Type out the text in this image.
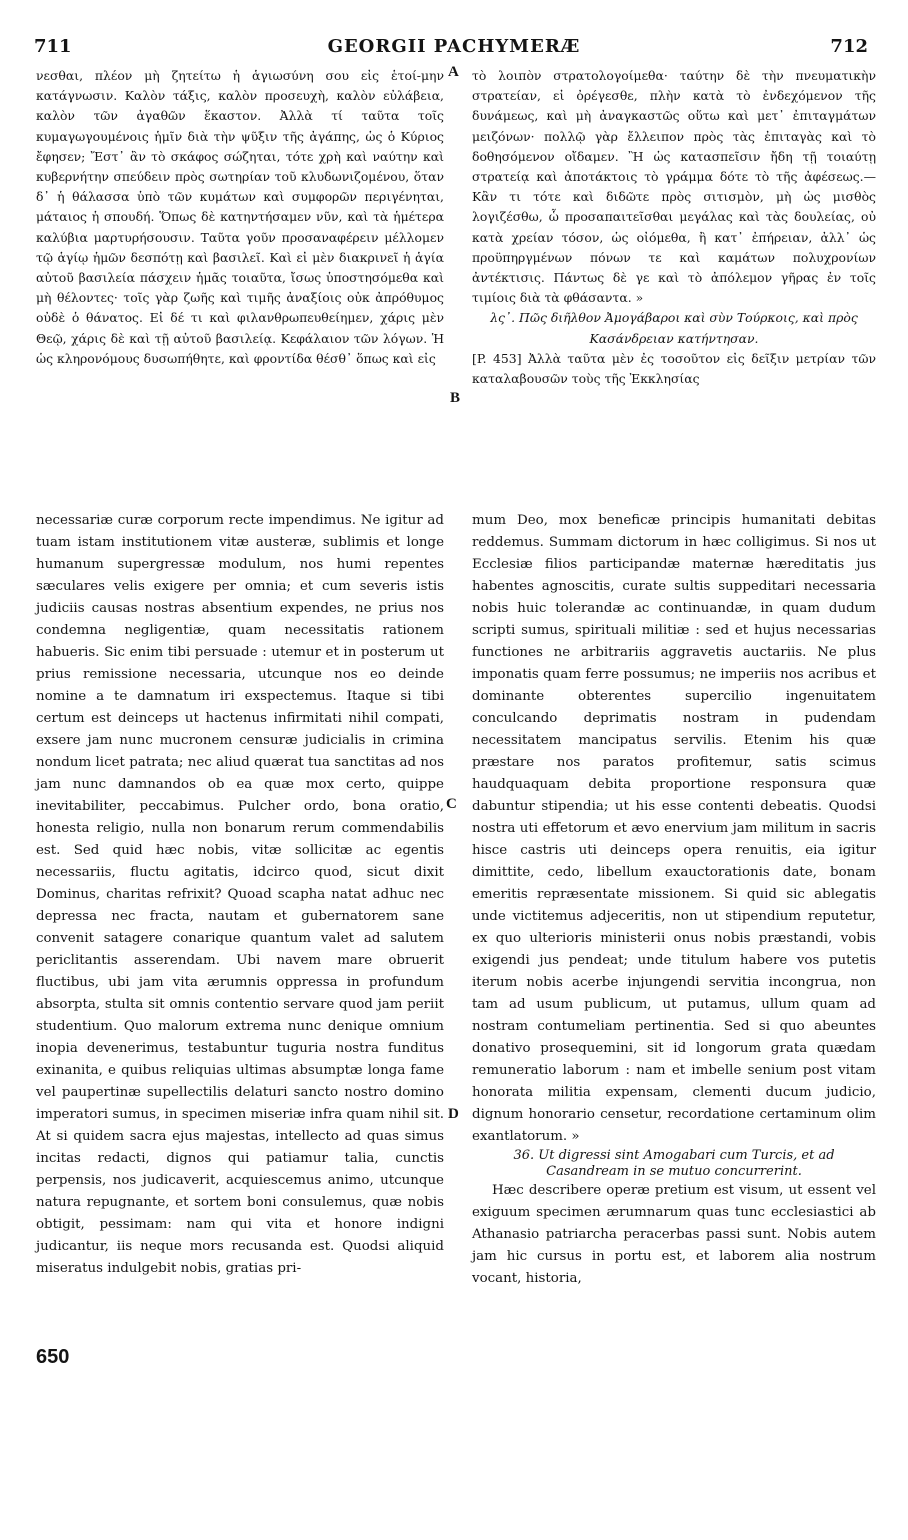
711	GEORGII PACHYMERÆ	712

νεσθαι, πλέον μὴ ζητείτω ἡ ἁγιωσύνη σου εἰς ἑτοί-μην κατάγνωσιν. Καλὸν τάξις, καλὸν προσευχὴ, καλὸν εὐλάβεια, καλὸν τῶν ἀγαθῶν ἕκαστον. Ἀλλὰ τί ταῦτα τοῖς κυμαγωγουμένοις ἡμῖν διὰ τὴν ψῦξιν τῆς ἀγάπης, ὡς ὁ Κύριος ἔφησεν; Ἔστ᾽ ἂν τὸ σκάφος σώζηται, τότε χρὴ καὶ ναύτην καὶ κυβερνήτην σπεύδειν πρὸς σωτηρίαν τοῦ κλυδωνιζομένου, ὅταν δ᾽ ἡ θάλασσα ὑπὸ τῶν κυμάτων καὶ συμφορῶν περιγένηται, μάταιος ἡ σπουδή. Ὅπως δὲ κατηντήσαμεν νῦν, καὶ τὰ ἡμέτερα καλύβια μαρτυρήσουσιν. Ταῦτα γοῦν προσαναφέρειν μέλλομεν τῷ ἁγίῳ ἡμῶν δεσπότῃ καὶ βασιλεῖ. Καὶ εἰ μὲν διακρινεῖ ἡ ἁγία αὐτοῦ βασιλεία πάσχειν ἡμᾶς τοιαῦτα, ἴσως ὑποστησόμεθα καὶ μὴ θέλοντες· τοῖς γὰρ ζωῆς καὶ τιμῆς ἀναξίοις οὐκ ἀπρόθυμος οὐδὲ ὁ θάνατος. Εἰ δέ τι καὶ φιλανθρωπευθείημεν, χάρις μὲν Θεῷ, χάρις δὲ καὶ τῇ αὐτοῦ βασιλείᾳ. Κεφάλαιον τῶν λόγων. Ἡ ὡς κληρονόμους δυσωπήθητε, καὶ φροντίδα θέσθ᾽ ὅπως καὶ εἰς

τὸ λοιπὸν στρατολογοίμεθα· ταύτην δὲ τὴν πνευματικὴν στρατείαν, εἰ ὀρέγεσθε, πλὴν κατὰ τὸ ἐνδεχόμενον τῆς δυνάμεως, καὶ μὴ ἀναγκαστῶς οὕτω καὶ μετ᾽ ἐπιταγμάτων μειζόνων· πολλῷ γὰρ ἔλλειπον πρὸς τὰς ἐπιταγὰς καὶ τὸ δοθησόμενον οἴδαμεν. Ἢ ὡς κατασπεῖσιν ἤδη τῇ τοιαύτῃ στρατείᾳ καὶ ἀποτάκτοις τὸ γράμμα δότε τὸ τῆς ἀφέσεως.—Κἂν τι τότε καὶ διδῶτε πρὸς σιτισμὸν, μὴ ὡς μισθὸς λογιζέσθω, ὧ προσαπαιτεῖσθαι μεγάλας καὶ τὰς δουλείας, οὐ κατὰ χρείαν τόσον, ὡς οἰόμεθα, ἢ κατ᾽ ἐπήρειαν, ἀλλ᾽ ὡς προϋπηργμένων πόνων τε καὶ καμάτων πολυχρονίων ἀντέκτισις. Πάντως δὲ γε καὶ τὸ ἀπόλεμον γῆρας ἐν τοῖς τιμίοις διὰ τὰ φθάσαντα. »

λς᾽. Πῶς διῆλθον Ἀμογάβαροι καὶ σὺν Τούρκοις, καὶ πρὸς Κασάνδρειαν κατήντησαν.

[P. 453] Ἀλλὰ ταῦτα μὲν ἐς τοσοῦτον εἰς δεῖξιν μετρίαν τῶν καταλαβουσῶν τοὺς τῆς Ἐκκλησίας

necessariæ curæ corporum recte impendimus. Ne igitur ad tuam istam institutionem vitæ austeræ, sublimis et longe humanum supergressæ modulum, nos humi repentes sæculares velis exigere per omnia; et cum severis istis judiciis causas nostras absentium expendes, ne prius nos condemna negligentiæ, quam necessitatis rationem habueris. Sic enim tibi persuade : utemur et in posterum ut prius remissione necessaria, utcunque nos eo deinde nomine a te damnatum iri exspectemus. Itaque si tibi certum est deinceps ut hactenus infirmitati nihil compati, exsere jam nunc mucronem censuræ judicialis in crimina nondum licet patrata; nec aliud quærat tua sanctitas ad nos jam nunc damnandos ob ea quæ mox certo, quippe inevitabiliter, peccabimus. Pulcher ordo, bona oratio, honesta religio, nulla non bonarum rerum commendabilis est. Sed quid hæc nobis, vitæ sollicitæ ac egentis necessariis, fluctu agitatis, idcirco quod, sicut dixit Dominus, charitas refrixit? Quoad scapha natat adhuc nec depressa nec fracta, nautam et gubernatorem sane convenit satagere conarique quantum valet ad salutem periclitantis asserendam. Ubi navem mare obruerit fluctibus, ubi jam vita ærumnis oppressa in profundum absorpta, stulta sit omnis contentio servare quod jam periit studentium. Quo malorum extrema nunc denique omnium inopia devenerimus, testabuntur tuguria nostra funditus exinanita, e quibus reliquias ultimas absumptæ longa fame vel paupertinæ supellectilis delaturi sancto nostro domino imperatori sumus, in specimen miseriæ infra quam nihil sit. At si quidem sacra ejus majestas, intellecto ad quas simus incitas redacti, dignos qui patiamur talia, cunctis perpensis, nos judicaverit, acquiescemus animo, utcunque natura repugnante, et sortem boni consulemus, quæ nobis obtigit, pessimam: nam qui vita et honore indigni judicantur, iis neque mors recusanda est. Quodsi aliquid miseratus indulgebit nobis, gratias pri-

mum Deo, mox beneficæ principis humanitati debitas reddemus. Summam dictorum in hæc colligimus. Si nos ut Ecclesiæ filios participandæ maternæ hæreditatis jus habentes agnoscitis, curate sultis suppeditari necessaria nobis huic tolerandæ ac continuandæ, in quam dudum scripti sumus, spirituali militiæ : sed et hujus necessarias functiones ne arbitrariis aggravetis auctariis. Ne plus imponatis quam ferre possumus; ne imperiis nos acribus et dominante obterentes supercilio ingenuitatem conculcando deprimatis nostram in pudendam necessitatem mancipatus servilis. Etenim his quæ præstare nos paratos profitemur, satis scimus haudquaquam debita proportione responsura quæ dabuntur stipendia; ut his esse contenti debeatis. Quodsi nostra uti effetorum et ævo enervium jam militum in sacris hisce castris uti deinceps opera renuitis, eia igitur dimittite, cedo, libellum exauctorationis date, bonam emeritis repræsentate missionem. Si quid sic ablegatis unde victitemus adjeceritis, non ut stipendium reputetur, ex quo ulterioris ministerii onus nobis præstandi, vobis exigendi jus pendeat; unde titulum habere vos putetis iterum nobis acerbe injungendi servitia incongrua, non tam ad usum publicum, ut putamus, ullum quam ad nostram contumeliam pertinentia. Sed si quo abeuntes donativo prosequemini, sit id longorum grata quædam remuneratio laborum : nam et imbelle senium post vitam honorata militia expensam, clementi ducum judicio, dignum honorario censetur, recordatione certaminum olim exantlatorum. »

36. Ut digressi sint Amogabari cum Turcis, et ad Casandream in se mutuo concurrerint.

Hæc describere operæ pretium est visum, ut essent vel exiguum specimen ærumnarum quas tunc ecclesiastici ab Athanasio patriarcha peracerbas passi sunt. Nobis autem jam hic cursus in portu est, et laborem alia nostrum vocant, historia,

A
B
C
D
650
